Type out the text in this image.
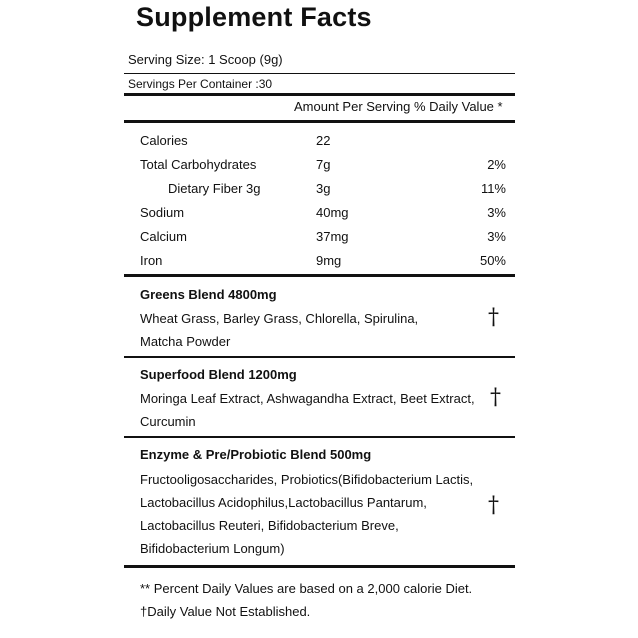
Supplement Facts
Serving Size: 1 Scoop (9g)
Servings Per Container :30
Amount Per Serving % Daily Value *
Calories	22
Total Carbohydrates	7g	2%
Dietary Fiber 3g	3g	11%
Sodium	40mg	3%
Calcium	37mg	3%
Iron	9mg	50%
Greens Blend 4800mg
Wheat Grass, Barley Grass, Chlorella, Spirulina,
Matcha Powder
†
Superfood Blend 1200mg
Moringa Leaf Extract, Ashwagandha Extract, Beet Extract,
Curcumin
†
Enzyme & Pre/Probiotic Blend 500mg
Fructooligosaccharides, Probiotics(Bifidobacterium Lactis,
Lactobacillus Acidophilus,Lactobacillus Pantarum,
Lactobacillus Reuteri, Bifidobacterium Breve,
Bifidobacterium Longum)
†
** Percent Daily Values are based on a 2,000 calorie Diet.
†Daily Value Not Established.
